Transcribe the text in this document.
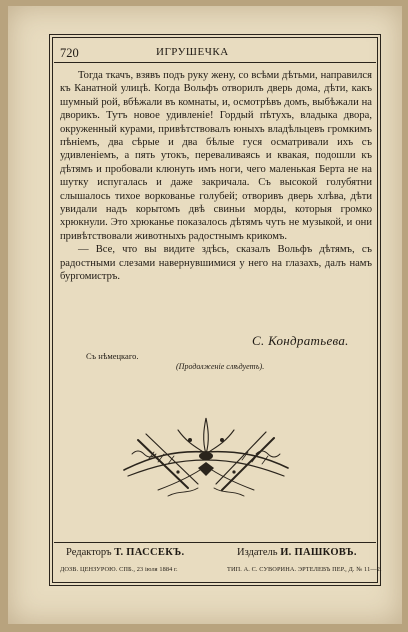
720	ИГРУШЕЧКА

Тогда ткачъ, взявъ подъ руку жену, со всѣми дѣтьми, направился къ Канатной улицѣ. Когда Вольфъ отворилъ дверь дома, дѣти, какъ шумный рой, вбѣжали въ комнаты, и, осмотрѣвъ домъ, выбѣжали на дворикъ. Тутъ новое удивленіе! Гордый пѣтухъ, владыка двора, окруженный курами, привѣтствовалъ юныхъ владѣльцевъ громкимъ пѣніемъ, два сѣрые и два бѣлые гуся осматривали ихъ съ удивленіемъ, а пять утокъ, переваливаясь и квакая, подошли къ дѣтямъ и пробовали клюнуть имъ ноги, чего маленькая Берта не на шутку испугалась и даже закричала. Съ высокой голубятни слышалось тихое воркованье голубей; отворивъ дверь хлѣва, дѣти увидали надъ корытомъ двѣ свиньи морды, которыя громко хрюкнули. Это хрюканье показалось дѣтямъ чуть не музыкой, и они привѣтствовали животныхъ радостнымъ крикомъ.

— Все, что вы видите здѣсь, сказалъ Вольфъ дѣтямъ, съ радостными слезами навернувшимися у него на глазахъ, далъ намъ бургомистръ.

С. Кондратьева.
Съ нѣмецкаго.
(Продолженіе слѣдуетъ).
Редакторъ Т. ПАССЕКЪ.	Издатель И. ПАШКОВЪ.
ДОЗВ. ЦЕНЗУРОЮ. СПБ., 23 іюля 1884 г.	ТИП. А. С. СУВОРИНА. ЭРТЕЛЕВЪ ПЕР., Д. № 11—2.
